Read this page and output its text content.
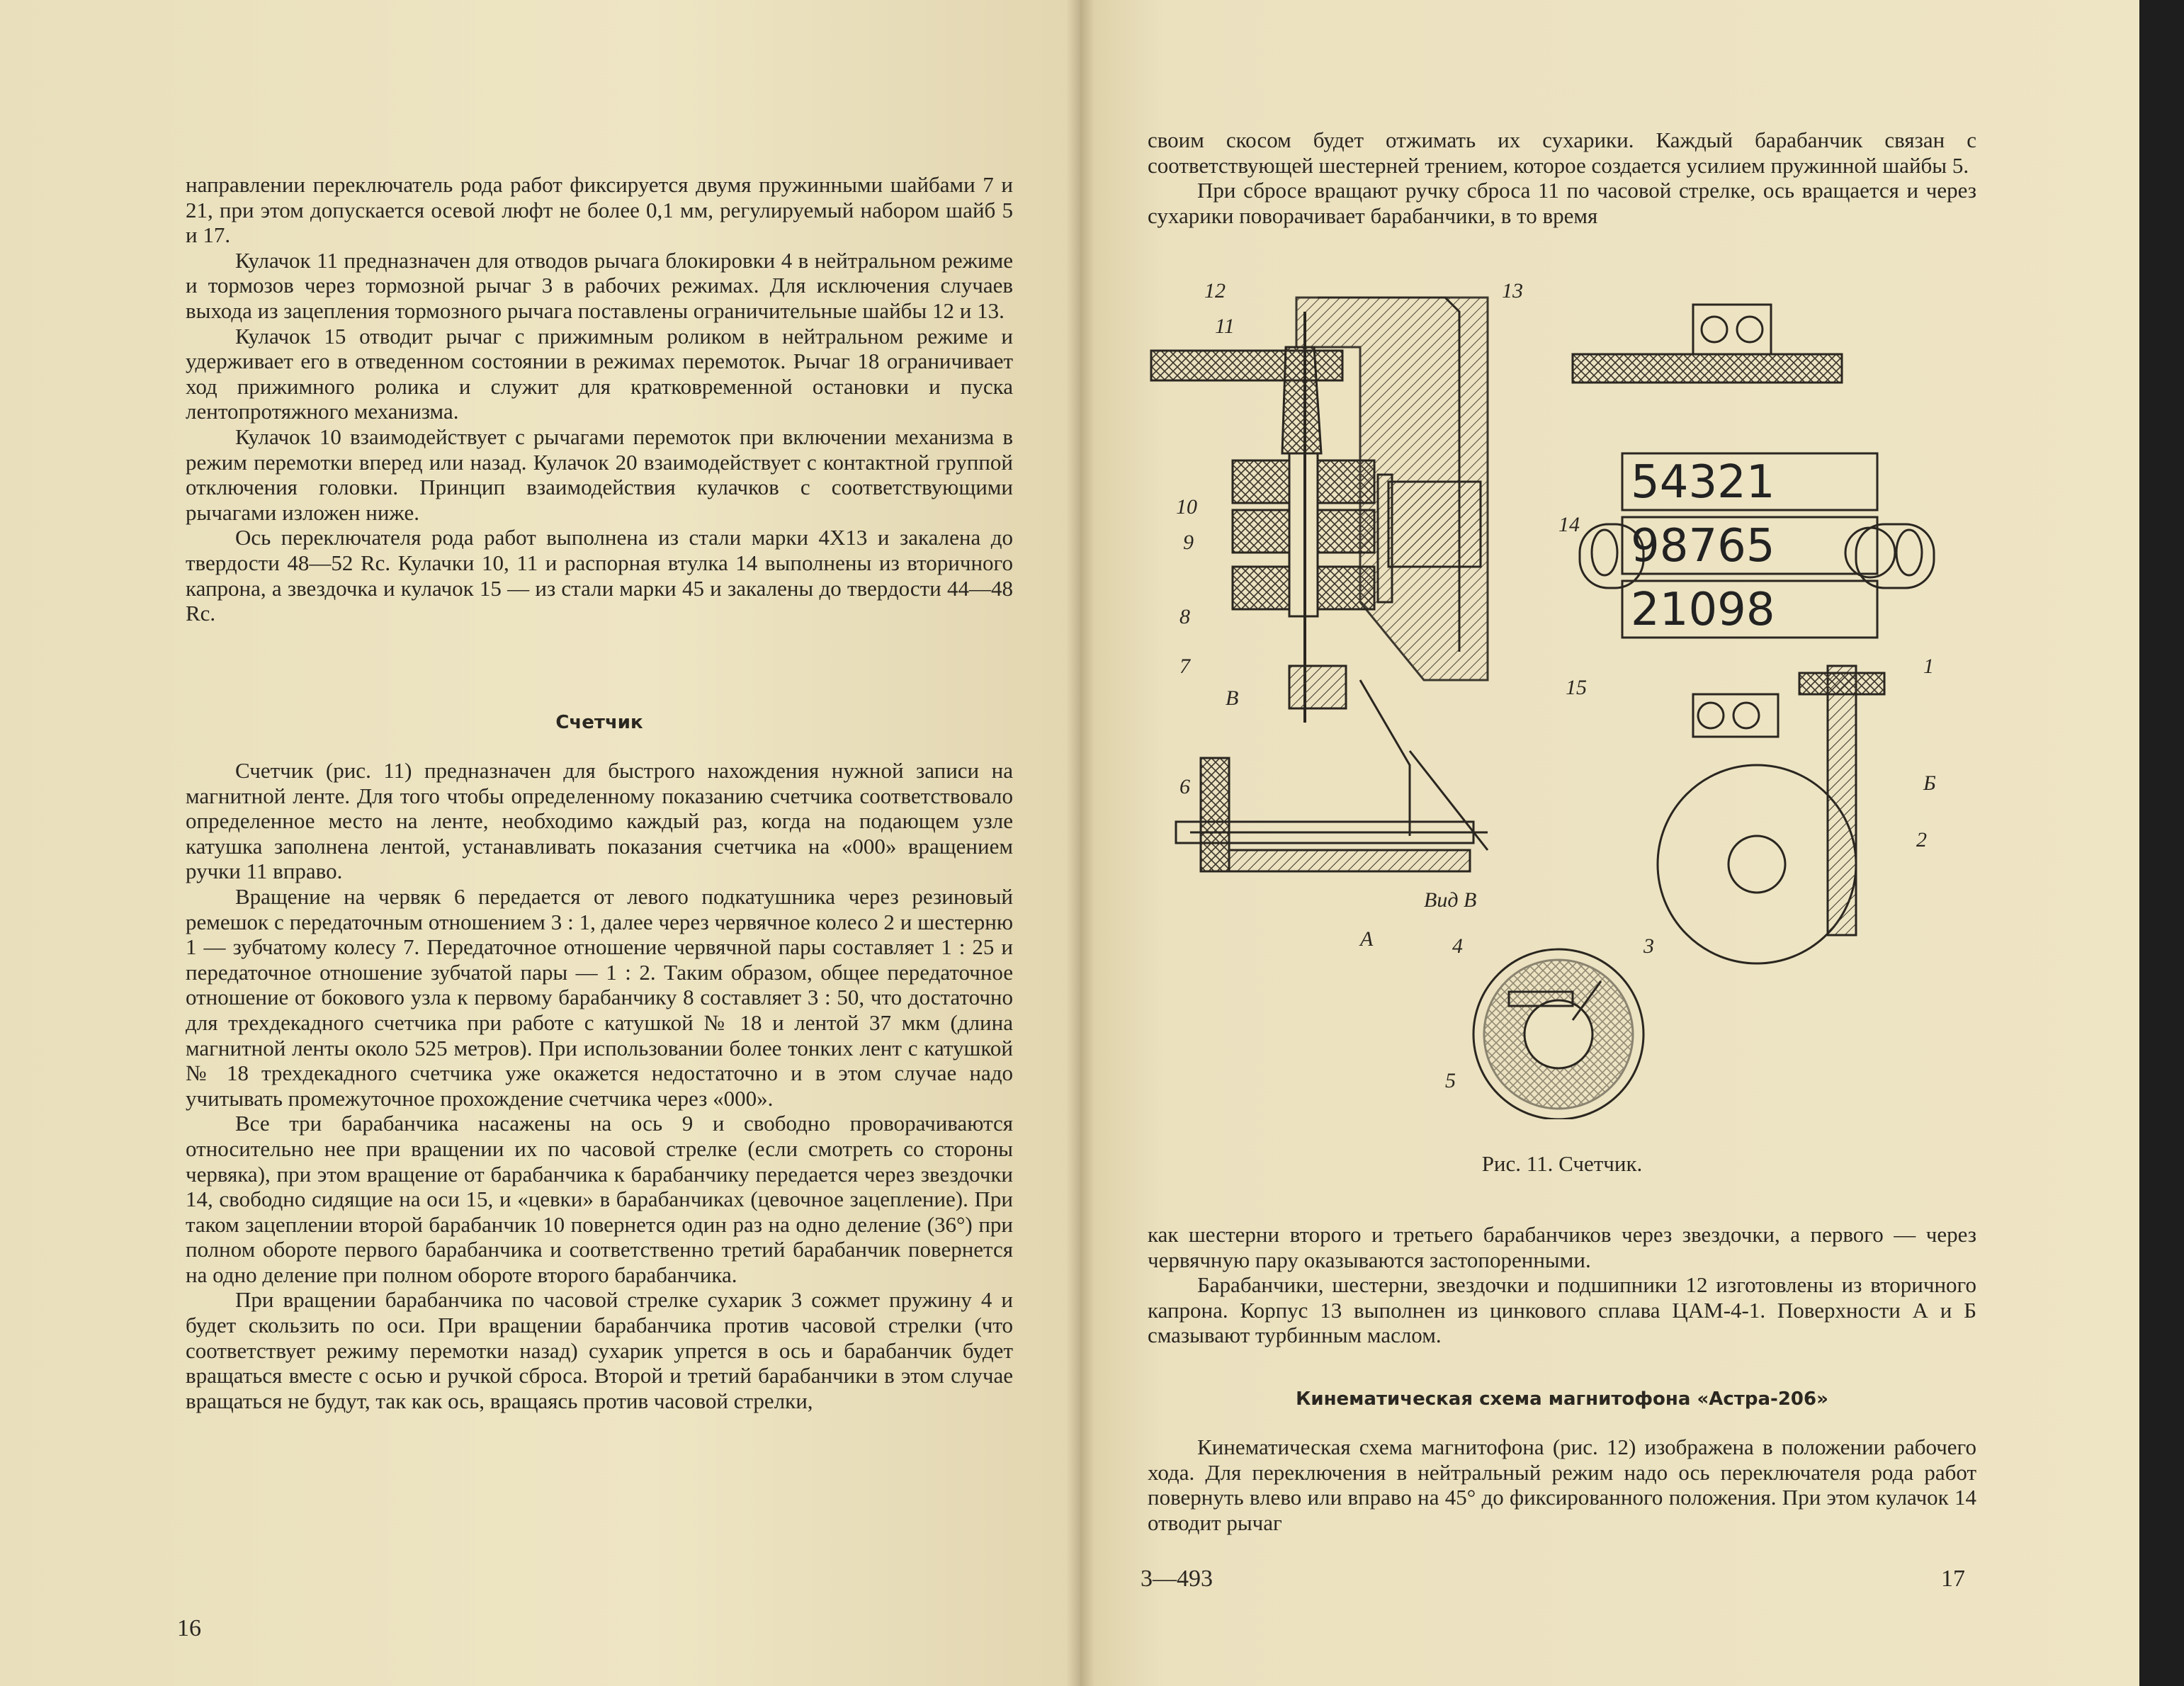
направлении переключатель рода работ фиксируется двумя пружинными шайбами 7 и 21, при этом допускается осевой люфт не более 0,1 мм, регулируемый набором шайб 5 и 17.

Кулачок 11 предназначен для отводов рычага блокировки 4 в нейтральном режиме и тормозов через тормозной рычаг 3 в рабочих режимах. Для исключения случаев выхода из зацепления тормозного рычага поставлены ограничительные шайбы 12 и 13.

Кулачок 15 отводит рычаг с прижимным роликом в нейтральном режиме и удерживает его в отведенном состоянии в режимах перемоток. Рычаг 18 ограничивает ход прижимного ролика и служит для кратковременной остановки и пуска лентопротяжного механизма.

Кулачок 10 взаимодействует с рычагами перемоток при включении механизма в режим перемотки вперед или назад. Кулачок 20 взаимодействует с контактной группой отключения головки. Принцип взаимодействия кулачков с соответствующими рычагами изложен ниже.

Ось переключателя рода работ выполнена из стали марки 4Х13 и закалена до твердости 48—52 Rc. Кулачки 10, 11 и распорная втулка 14 выполнены из вторичного капрона, а звездочка и кулачок 15 — из стали марки 45 и закалены до твердости 44—48 Rc.

Счетчик

Счетчик (рис. 11) предназначен для быстрого нахождения нужной записи на магнитной ленте. Для того чтобы определенному показанию счетчика соответствовало определенное место на ленте, необходимо каждый раз, когда на подающем узле катушка заполнена лентой, устанавливать показания счетчика на «000» вращением ручки 11 вправо.

Вращение на червяк 6 передается от левого подкатушника через резиновый ремешок с передаточным отношением 3 : 1, далее через червячное колесо 2 и шестерню 1 — зубчатому колесу 7. Передаточное отношение червячной пары составляет 1 : 25 и передаточное отношение зубчатой пары — 1 : 2. Таким образом, общее передаточное отношение от бокового узла к первому барабанчику 8 составляет 3 : 50, что достаточно для трехдекадного счетчика при работе с катушкой № 18 и лентой 37 мкм (длина магнитной ленты около 525 метров). При использовании более тонких лент с катушкой № 18 трехдекадного счетчика уже окажется недостаточно и в этом случае надо учитывать промежуточное прохождение счетчика через «000».

Все три барабанчика насажены на ось 9 и свободно проворачиваются относительно нее при вращении их по часовой стрелке (если смотреть со стороны червяка), при этом вращение от барабанчика к барабанчику передается через звездочки 14, свободно сидящие на оси 15, и «цевки» в барабанчиках (цевочное зацепление). При таком зацеплении второй барабанчик 10 повернется один раз на одно деление (36°) при полном обороте первого барабанчика и соответственно третий барабанчик повернется на одно деление при полном обороте второго барабанчика.

При вращении барабанчика по часовой стрелке сухарик 3 сожмет пружину 4 и будет скользить по оси. При вращении барабанчика против часовой стрелки (что соответствует режиму перемотки назад) сухарик упрется в ось и барабанчик будет вращаться вместе с осью и ручкой сброса. Второй и третий барабанчики в этом случае вращаться не будут, так как ось, вращаясь против часовой стрелки,

16

своим скосом будет отжимать их сухарики. Каждый барабанчик связан с соответствующей шестерней трением, которое создается усилием пружинной шайбы 5.

При сбросе вращают ручку сброса 11 по часовой стрелке, ось вращается и через сухарики поворачивает барабанчики, в то время

12
11
13
10
9
14
8
7
15
В
6
А
54321
98765
21098
1
Б
2
Вид В
4	3
5
Рис. 11. Счетчик.

как шестерни второго и третьего барабанчиков через звездочки, а первого — через червячную пару оказываются застопоренными.

Барабанчики, шестерни, звездочки и подшипники 12 изготовлены из вторичного капрона. Корпус 13 выполнен из цинкового сплава ЦАМ-4-1. Поверхности А и Б смазывают турбинным маслом.

Кинематическая схема магнитофона «Астра-206»

Кинематическая схема магнитофона (рис. 12) изображена в положении рабочего хода. Для переключения в нейтральный режим надо ось переключателя рода работ повернуть влево или вправо на 45° до фиксированного положения. При этом кулачок 14 отводит рычаг

3—493	17
